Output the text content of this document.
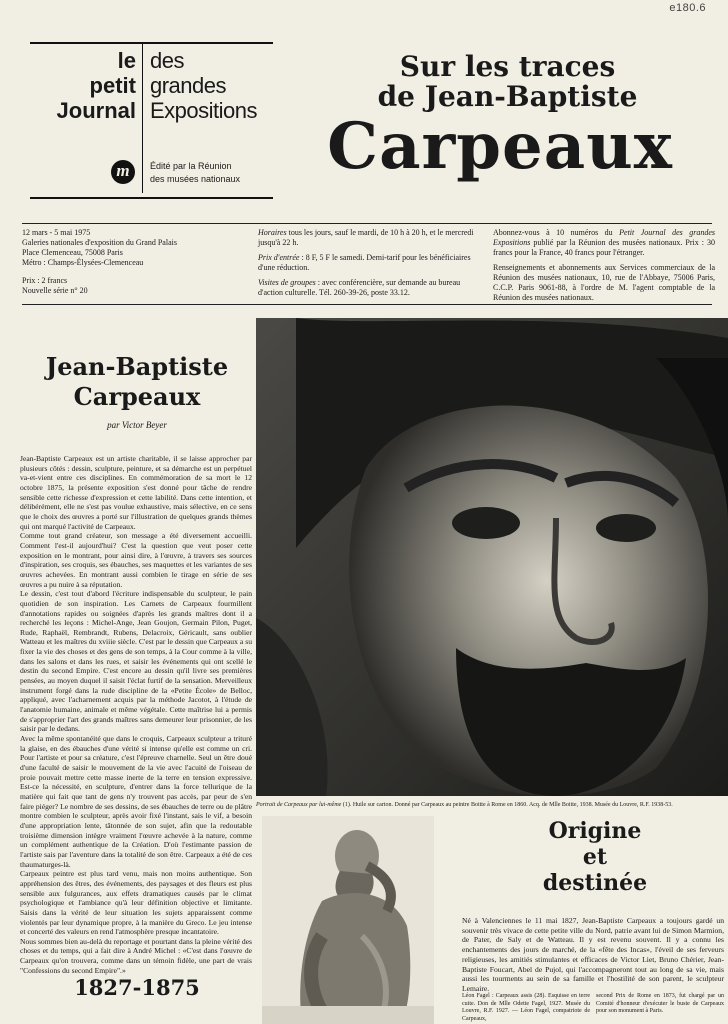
e180.6
le
petit
Journal
des
grandes
Expositions
m	Édité par la Réunion
des musées nationaux
Sur les traces
de Jean-Baptiste
Carpeaux
12 mars - 5 mai 1975
Galeries nationales d'exposition du Grand Palais
Place Clemenceau, 75008 Paris
Métro : Champs-Élysées-Clemenceau
Prix : 2 francs
Nouvelle série n° 20
Horaires tous les jours, sauf le mardi, de 10 h à 20 h, et le mercredi jusqu'à 22 h.
Prix d'entrée : 8 F, 5 F le samedi. Demi-tarif pour les bénéficiaires d'une réduction.
Visites de groupes : avec conférencière, sur demande au bureau d'action culturelle. Tél. 260-39-26, poste 33.12.
Abonnez-vous à 10 numéros du Petit Journal des grandes Expositions publié par la Réunion des musées nationaux. Prix : 30 francs pour la France, 40 francs pour l'étranger.
Renseignements et abonnements aux Services commerciaux de la Réunion des musées nationaux, 10, rue de l'Abbaye, 75006 Paris, C.C.P. Paris 9061-88, à l'ordre de M. l'agent comptable de la Réunion des musées nationaux.
Jean-Baptiste
Carpeaux
par Victor Beyer

Jean-Baptiste Carpeaux est un artiste charitable, il se laisse approcher par plusieurs côtés : dessin, sculpture, peinture, et sa démarche est un perpétuel va-et-vient entre ces disciplines. En commémoration de sa mort le 12 octobre 1875, la présente exposition s'est donné pour tâche de rendre sensible cette richesse d'expression et cette labilité. Dans cette intention, et délibérément, elle ne s'est pas voulue exhaustive, mais sélective, en ce sens que le choix des œuvres a porté sur l'illustration de quelques grands thèmes qui ont marqué l'activité de Carpeaux.

Comme tout grand créateur, son message a été diversement accueilli. Comment l'est-il aujourd'hui? C'est la question que veut poser cette exposition en le montrant, pour ainsi dire, à l'œuvre, à travers ses sources d'inspiration, ses croquis, ses ébauches, ses maquettes et les variantes de ses œuvres achevées. En montrant aussi combien le tirage en série de ses œuvres a pu nuire à sa réputation.

Le dessin, c'est tout d'abord l'écriture indispensable du sculpteur, le pain quotidien de son inspiration. Les Carnets de Carpeaux fourmillent d'annotations rapides ou soignées d'après les grands maîtres dont il a recherché les leçons : Michel-Ange, Jean Goujon, Germain Pilon, Puget, Rude, Raphaël, Rembrandt, Rubens, Delacroix, Géricault, sans oublier Watteau et les maîtres du xviiie siècle. C'est par le dessin que Carpeaux a su fixer la vie des choses et des gens de son temps, à la Cour comme à la ville, dans les salons et dans les rues, et saisir les événements qui ont scellé le destin du second Empire. C'est encore au dessin qu'il livre ses premières pensées, au moyen duquel il saisit l'éclat furtif de la sensation. Merveilleux instrument forgé dans la rude discipline de la «Petite École» de Belloc, appliqué, avec l'acharnement acquis par la méthode Jacotot, à l'étude de l'anatomie humaine, animale et même végétale. Cette maîtrise lui a permis de s'approprier l'art des grands maîtres sans demeurer leur prisonnier, de les saisir par le dedans.

Avec la même spontanéité que dans le croquis, Carpeaux sculpteur a trituré la glaise, en des ébauches d'une vérité si intense qu'elle est comme un cri. Pour l'artiste et pour sa créature, c'est l'épreuve charnelle. Seul un être doué d'une faculté de saisir le mouvement de la vie avec l'acuité de l'oiseau de proie pouvait mettre cette masse inerte de la terre en tension expressive. Est-ce la nécessité, en sculpture, d'entrer dans la force tellurique de la matière qui fait que tant de gens n'y trouvent pas accès, par peur de s'en faire piéger? Le nombre de ses dessins, de ses ébauches de terre ou de plâtre montre combien le sculpteur, après avoir fixé l'instant, sais le vif, a besoin d'une appropriation lente, tâtonnée de son sujet, afin que la redoutable troisième dimension intègre vraiment l'œuvre achevée à la nature, comme un complément authentique de la Création. D'où l'estimante passion de l'artiste sais par l'aventure dans la totalité de son être. Carpeaux a été de ces thaumaturges-là.

Carpeaux peintre est plus tard venu, mais non moins authentique. Son appréhension des êtres, des événements, des paysages et des fleurs est plus sensible aux fulgurances, aux effets dramatiques causés par le climat psychologique et l'ambiance qu'à leur définition objective et limitante. Saisis dans la vérité de leur situation les sujets apparaissent comme violentés par leur dynamique propre, à la manière du Greco. Le jeu intense et concerté des valeurs en rend l'atmosphère presque incantatoire.

Nous sommes bien au-delà du reportage et pourtant dans la pleine vérité des choses et du temps, qui a fait dire à André Michel : «C'est dans l'œuvre de Carpeaux qu'on trouvera, comme dans un témoin fidèle, une part de vrais "Confessions du second Empire".»

1827-1875
Portrait de Carpeaux par lui-même (1). Huile sur carton. Donné par Carpeaux au peintre Boitte à Rome en 1860. Acq. de Mlle Boitte, 1938. Musée du Louvre, R.F. 1938-53.
Origine
et
destinée
Né à Valenciennes le 11 mai 1827, Jean-Baptiste Carpeaux a toujours gardé un souvenir très vivace de cette petite ville du Nord, patrie avant lui de Simon Marmion, de Pater, de Saly et de Watteau. Il y est revenu souvent. Il y a connu les enchantements des jours de marché, de la «fête des Incas», l'éveil de ses ferveurs religieuses, les amitiés stimulantes et efficaces de Victor Liet, Bruno Chérier, Jean-Baptiste Foucart, Abel de Pujol, qui l'accompagneront tout au long de sa vie, mais aussi les tourments au sein de sa famille et l'hostilité de son parent, le sculpteur Lemaire.
Léon Fagel : Carpeaux assis (28). Esquisse en terre cuite. Don de Mlle Odette Fagel, 1927. Musée du Louvre, R.F. 1927. — Léon Fagel, compatriote de Carpeaux,
second Prix de Rome en 1873, fut chargé par un Comité d'honneur d'exécuter le buste de Carpeaux pour son monument à Paris.
